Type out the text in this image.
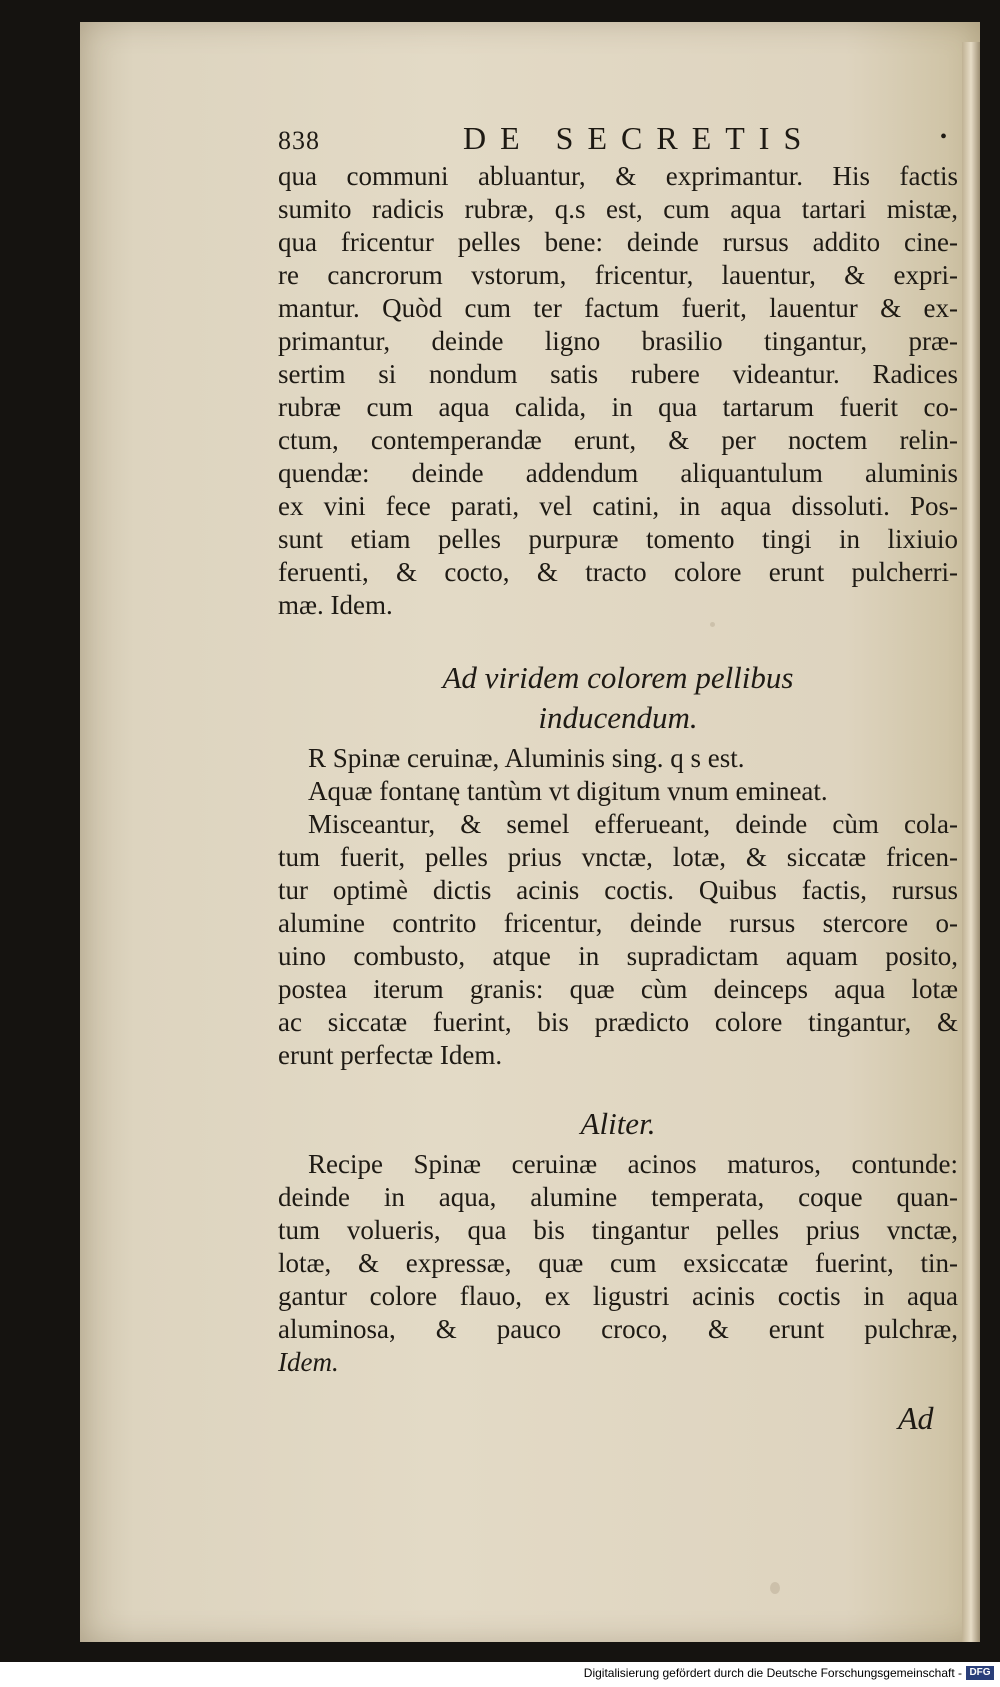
838	DE SECRETIS	•
qua communi abluantur, & exprimantur. His factis
sumito radicis rubræ, q.s est, cum aqua tartari mistæ,
qua fricentur pelles bene: deinde rursus addito cine-
re cancrorum vstorum, fricentur, lauentur, & expri-
mantur. Quòd cum ter factum fuerit, lauentur & ex-
primantur, deinde ligno brasilio tingantur, præ-
sertim si nondum satis rubere videantur. Radices
rubræ cum aqua calida, in qua tartarum fuerit co-
ctum, contemperandæ erunt, & per noctem relin-
quendæ: deinde addendum aliquantulum aluminis
ex vini fece parati, vel catini, in aqua dissoluti. Pos-
sunt etiam pelles purpuræ tomento tingi in lixiuio
feruenti, & cocto, & tracto colore erunt pulcherri-
mæ. Idem.
Ad viridem colorem pellibus
inducendum.
R Spinæ ceruinæ, Aluminis sing. q s est.
Aquæ fontanę tantùm vt digitum vnum emineat.
Misceantur, & semel efferueant, deinde cùm cola-
tum fuerit, pelles prius vnctæ, lotæ, & siccatæ fricen-
tur optimè dictis acinis coctis. Quibus factis, rursus
alumine contrito fricentur, deinde rursus stercore o-
uino combusto, atque in supradictam aquam posito,
postea iterum granis: quæ cùm deinceps aqua lotæ
ac siccatæ fuerint, bis prædicto colore tingantur, &
erunt perfectæ Idem.
Aliter.
Recipe Spinæ ceruinæ acinos maturos, contunde:
deinde in aqua, alumine temperata, coque quan-
tum volueris, qua bis tingantur pelles prius vnctæ,
lotæ, & expressæ, quæ cum exsiccatæ fuerint, tin-
gantur colore flauo, ex ligustri acinis coctis in aqua
aluminosa, & pauco croco, & erunt pulchræ,
Idem.
Ad
Digitalisierung gefördert durch die Deutsche Forschungsgemeinschaft - DFG
